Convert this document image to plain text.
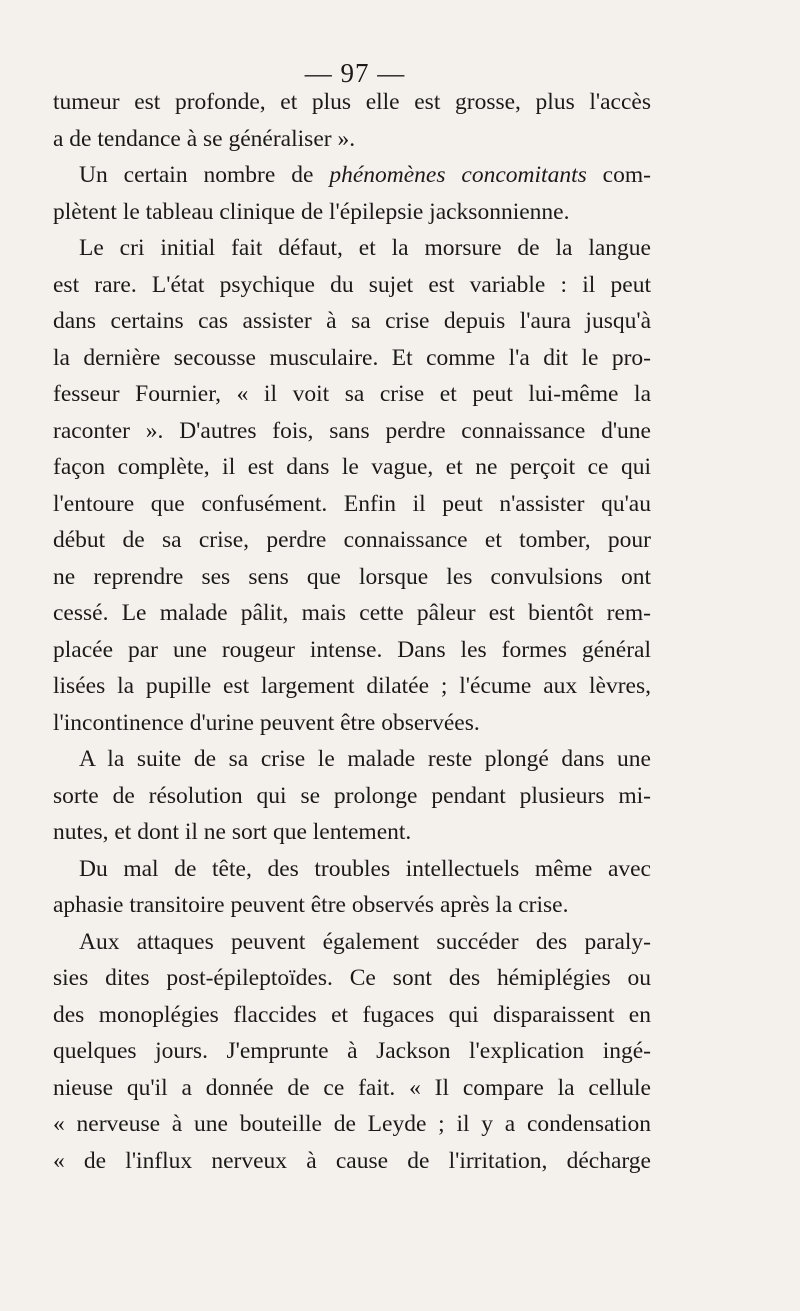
— 97 —
tumeur est profonde, et plus elle est grosse, plus l'accès
a de tendance à se généraliser ».
Un certain nombre de phénomènes concomitants com-
plètent le tableau clinique de l'épilepsie jacksonnienne.
Le cri initial fait défaut, et la morsure de la langue
est rare. L'état psychique du sujet est variable : il peut
dans certains cas assister à sa crise depuis l'aura jusqu'à
la dernière secousse musculaire. Et comme l'a dit le pro-
fesseur Fournier, « il voit sa crise et peut lui-même la
raconter ». D'autres fois, sans perdre connaissance d'une
façon complète, il est dans le vague, et ne perçoit ce qui
l'entoure que confusément. Enfin il peut n'assister qu'au
début de sa crise, perdre connaissance et tomber, pour
ne reprendre ses sens que lorsque les convulsions ont
cessé. Le malade pâlit, mais cette pâleur est bientôt rem-
placée par une rougeur intense. Dans les formes général
lisées la pupille est largement dilatée ; l'écume aux lèvres,
l'incontinence d'urine peuvent être observées.
A la suite de sa crise le malade reste plongé dans une
sorte de résolution qui se prolonge pendant plusieurs mi-
nutes, et dont il ne sort que lentement.
Du mal de tête, des troubles intellectuels même avec
aphasie transitoire peuvent être observés après la crise.
Aux attaques peuvent également succéder des paraly-
sies dites post-épileptoïdes. Ce sont des hémiplégies ou
des monoplégies flaccides et fugaces qui disparaissent en
quelques jours. J'emprunte à Jackson l'explication ingé-
nieuse qu'il a donnée de ce fait. « Il compare la cellule
« nerveuse à une bouteille de Leyde ; il y a condensation
« de l'influx nerveux à cause de l'irritation, décharge
